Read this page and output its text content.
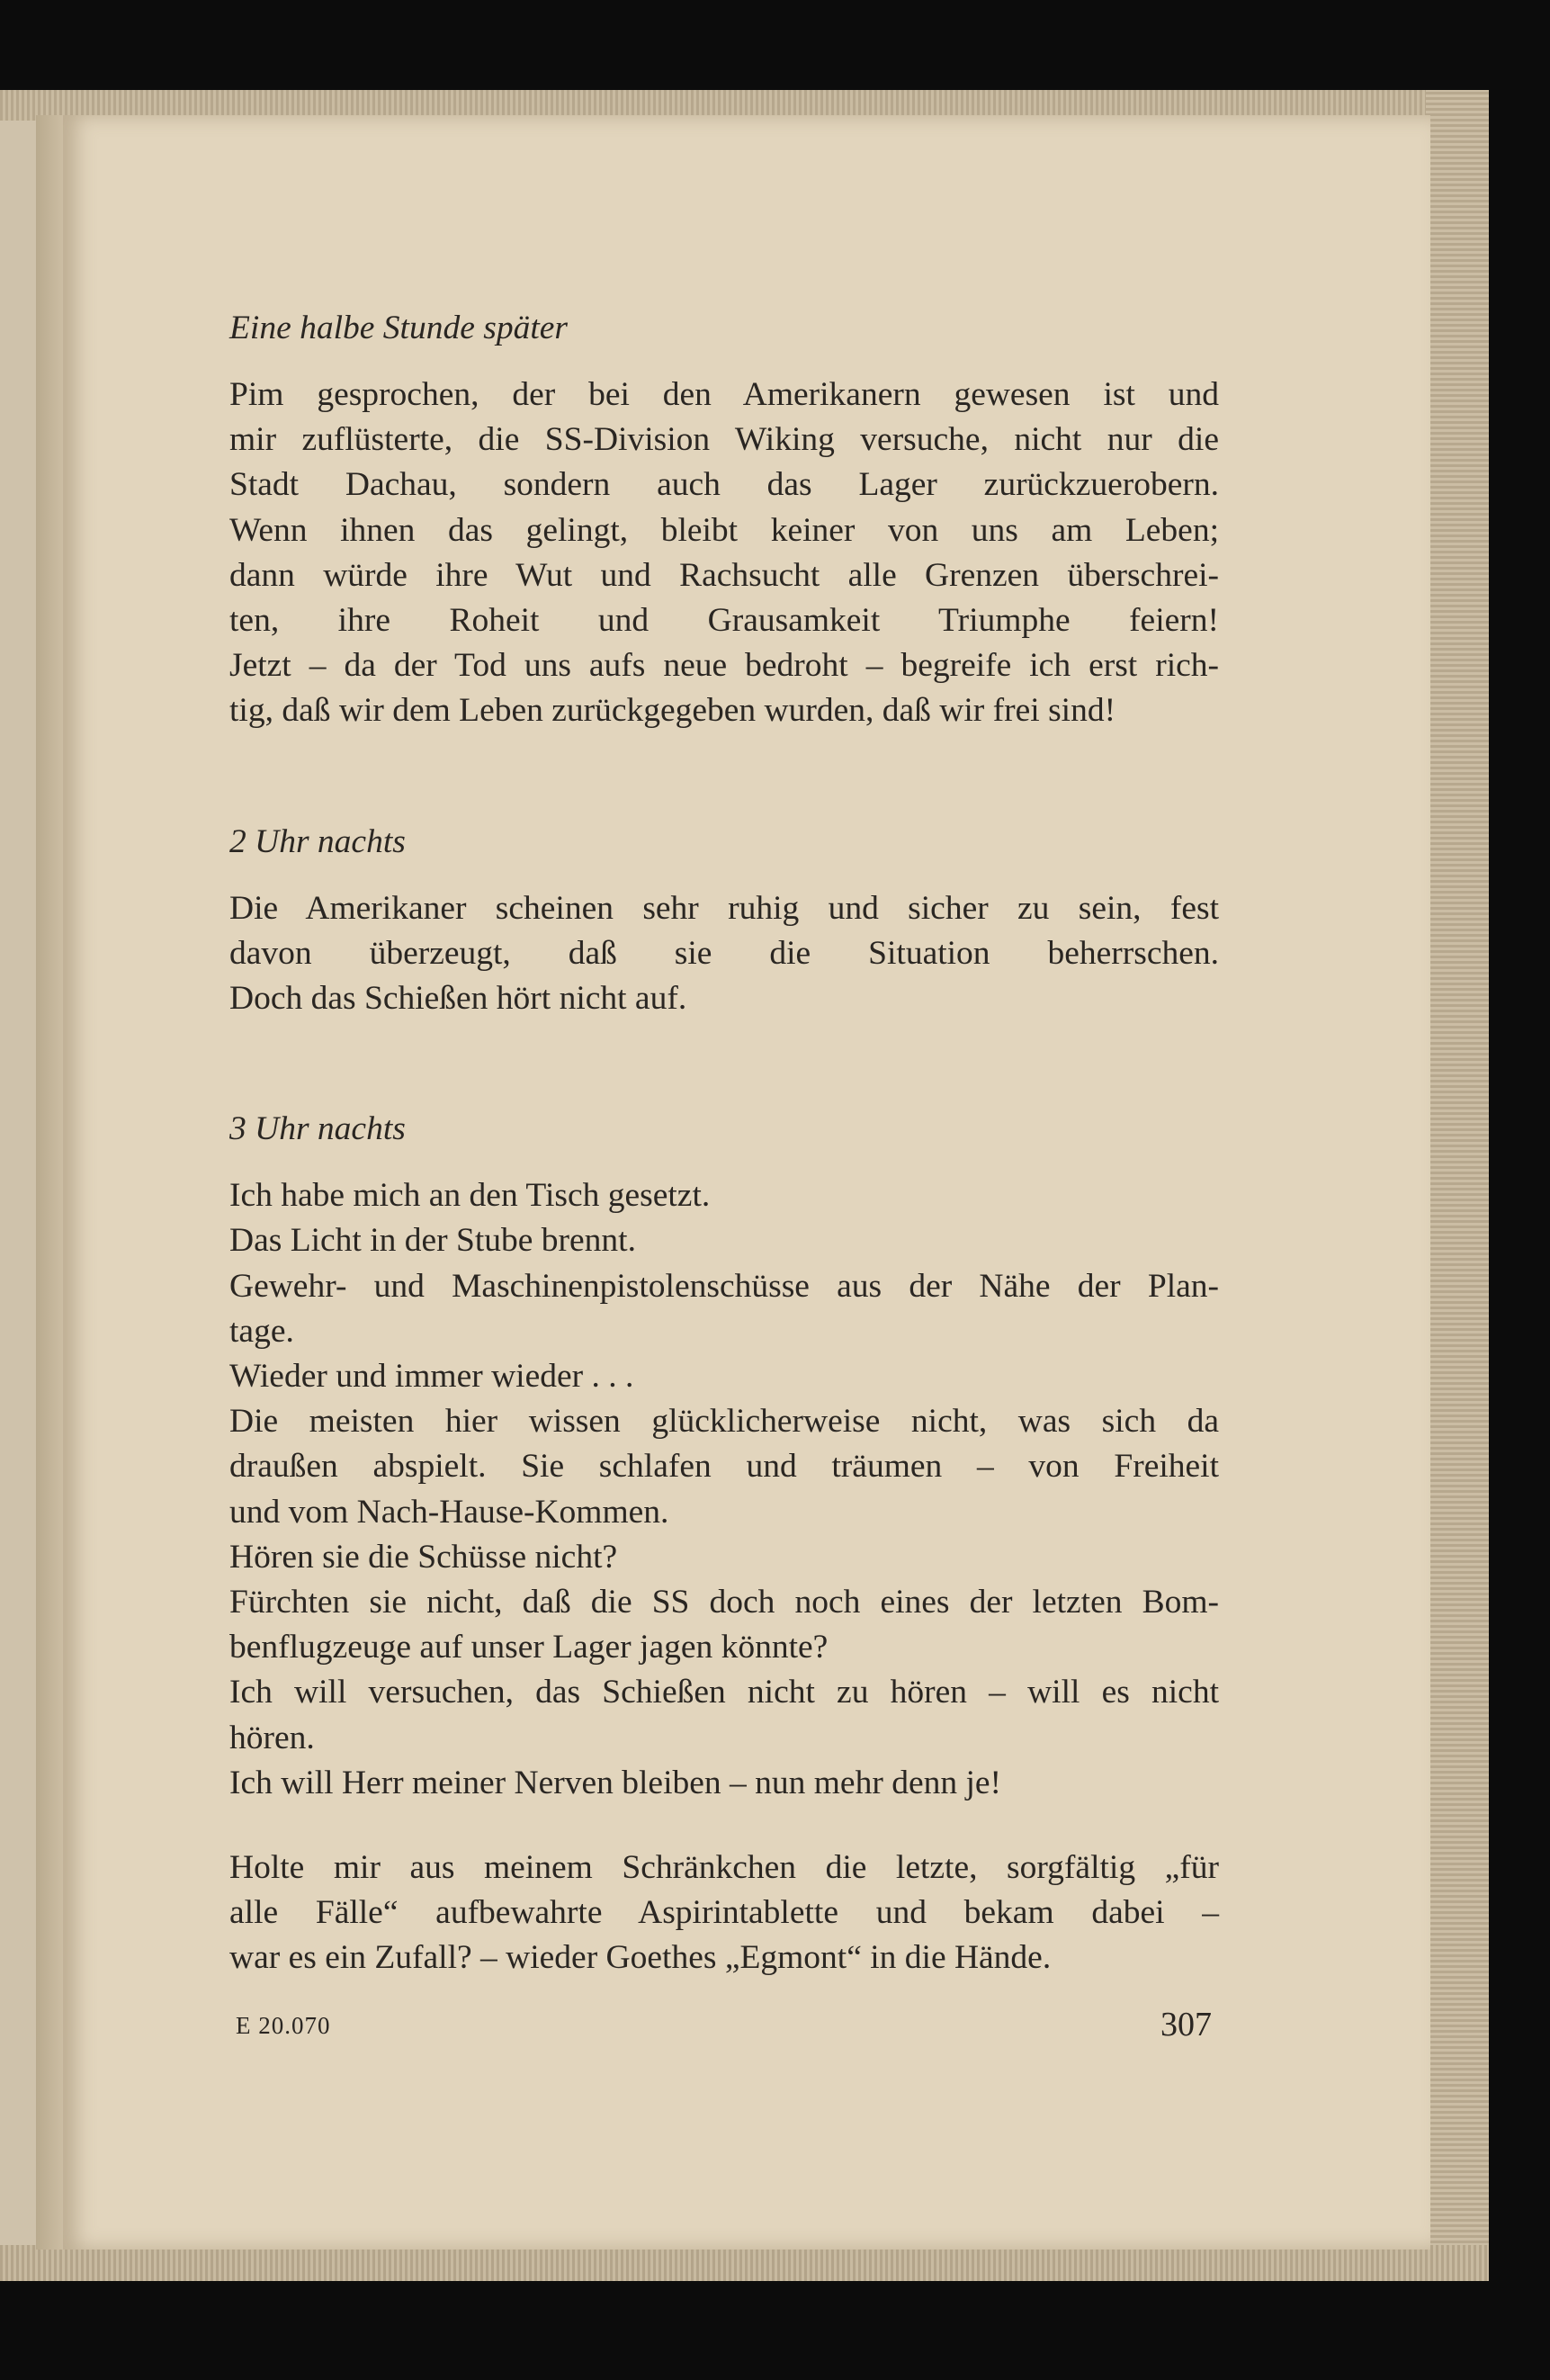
Eine halbe Stunde später
Pim gesprochen, der bei den Amerikanern gewesen ist und
mir zuflüsterte, die SS-Division Wiking versuche, nicht nur die
Stadt Dachau, sondern auch das Lager zurückzuerobern.
Wenn ihnen das gelingt, bleibt keiner von uns am Leben;
dann würde ihre Wut und Rachsucht alle Grenzen überschrei-
ten, ihre Roheit und Grausamkeit Triumphe feiern!
Jetzt – da der Tod uns aufs neue bedroht – begreife ich erst rich-
tig, daß wir dem Leben zurückgegeben wurden, daß wir frei sind!
2 Uhr nachts
Die Amerikaner scheinen sehr ruhig und sicher zu sein, fest
davon überzeugt, daß sie die Situation beherrschen.
Doch das Schießen hört nicht auf.
3 Uhr nachts
Ich habe mich an den Tisch gesetzt.
Das Licht in der Stube brennt.
Gewehr- und Maschinenpistolenschüsse aus der Nähe der Plan-
tage.
Wieder und immer wieder . . .
Die meisten hier wissen glücklicherweise nicht, was sich da
draußen abspielt. Sie schlafen und träumen – von Freiheit
und vom Nach-Hause-Kommen.
Hören sie die Schüsse nicht?
Fürchten sie nicht, daß die SS doch noch eines der letzten Bom-
benflugzeuge auf unser Lager jagen könnte?
Ich will versuchen, das Schießen nicht zu hören – will es nicht
hören.
Ich will Herr meiner Nerven bleiben – nun mehr denn je!
Holte mir aus meinem Schränkchen die letzte, sorgfältig „für
alle Fälle“ aufbewahrte Aspirintablette und bekam dabei –
war es ein Zufall? – wieder Goethes „Egmont“ in die Hände.
E 20.070	307
